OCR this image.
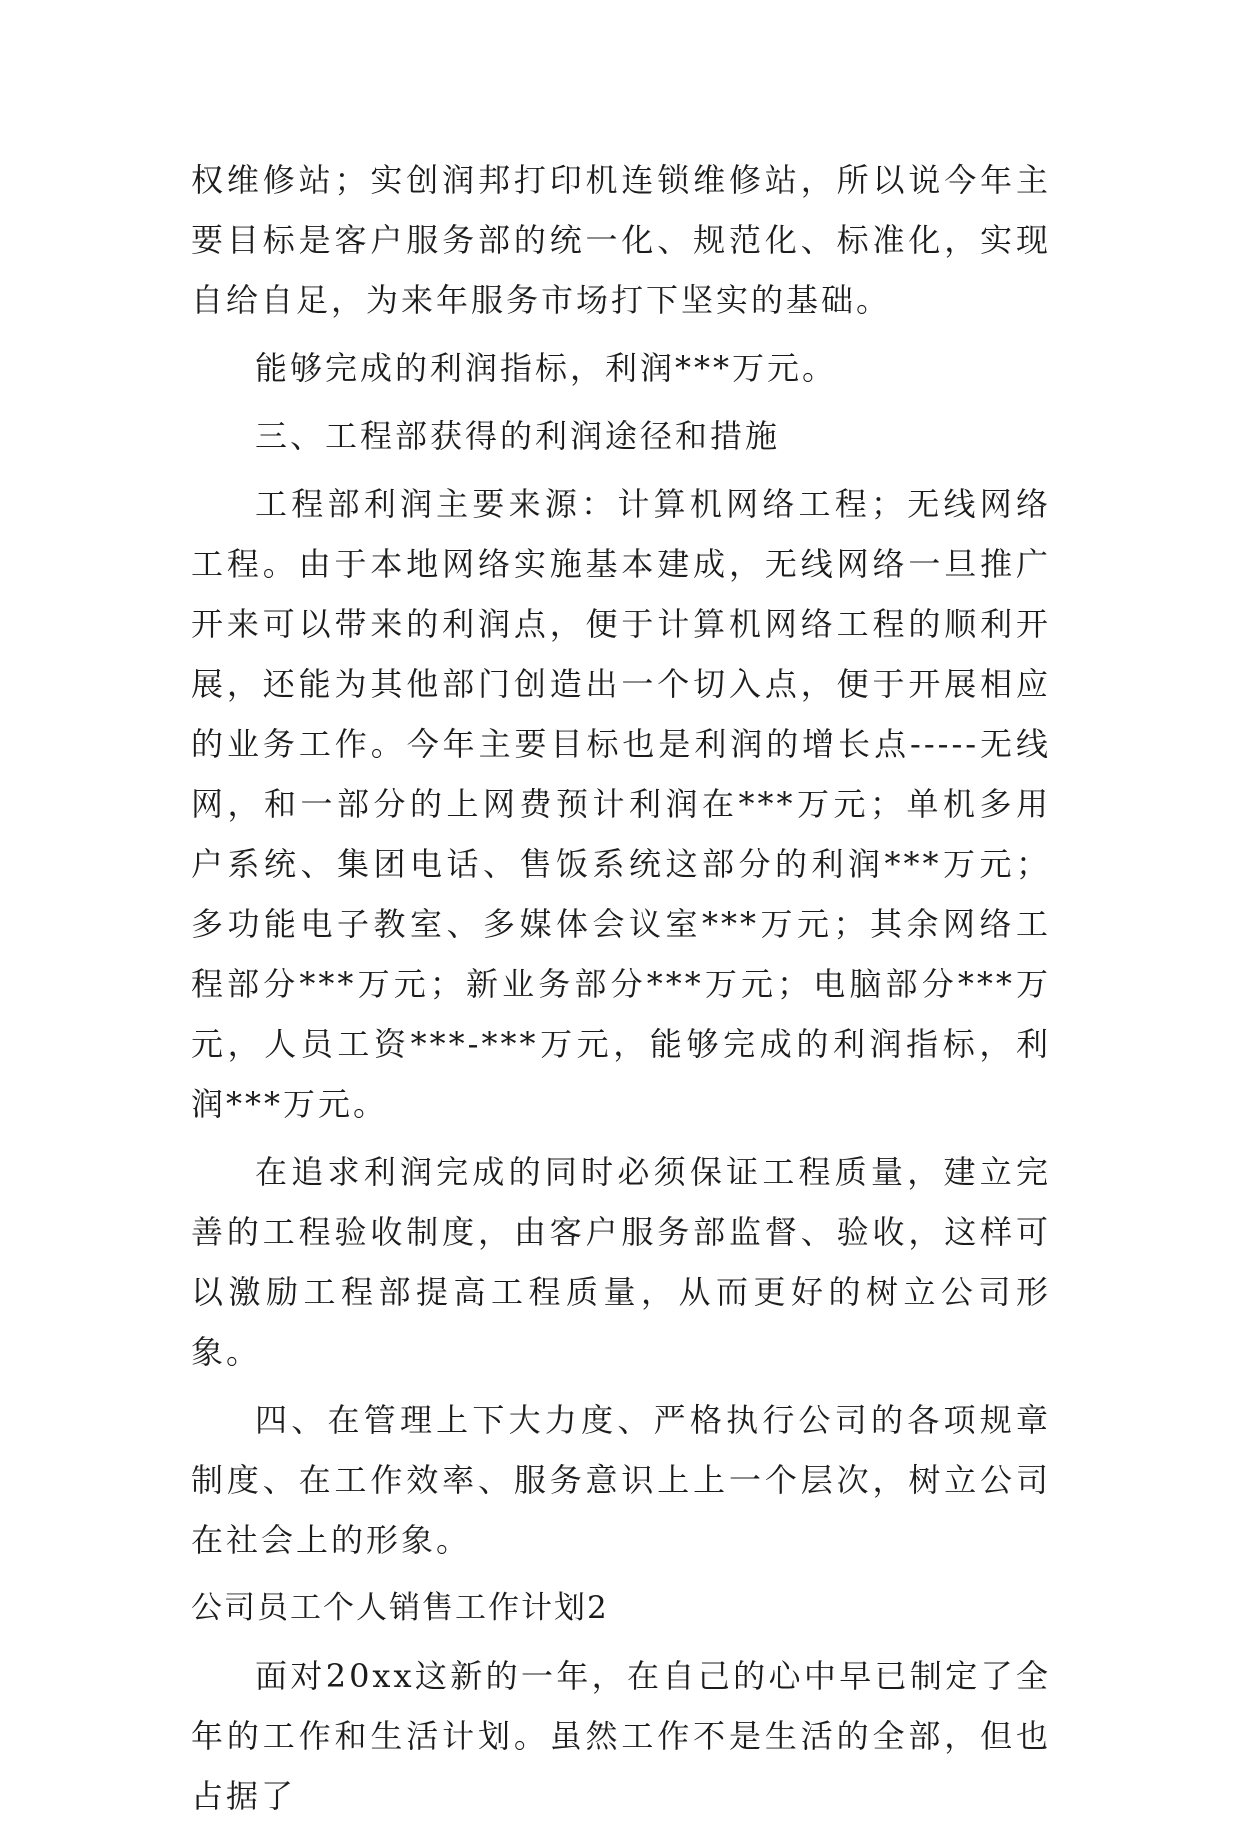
权维修站；实创润邦打印机连锁维修站，所以说今年主要目标是客户服务部的统一化、规范化、标准化，实现自给自足，为来年服务市场打下坚实的基础。

能够完成的利润指标，利润***万元。

三、工程部获得的利润途径和措施

工程部利润主要来源：计算机网络工程；无线网络工程。由于本地网络实施基本建成，无线网络一旦推广开来可以带来的利润点，便于计算机网络工程的顺利开展，还能为其他部门创造出一个切入点，便于开展相应的业务工作。今年主要目标也是利润的增长点-----无线网，和一部分的上网费预计利润在***万元；单机多用户系统、集团电话、售饭系统这部分的利润***万元；多功能电子教室、多媒体会议室***万元；其余网络工程部分***万元；新业务部分***万元；电脑部分***万元，人员工资***-***万元，能够完成的利润指标，利润***万元。

在追求利润完成的同时必须保证工程质量，建立完善的工程验收制度，由客户服务部监督、验收，这样可以激励工程部提高工程质量，从而更好的树立公司形象。

四、在管理上下大力度、严格执行公司的各项规章制度、在工作效率、服务意识上上一个层次，树立公司在社会上的形象。

公司员工个人销售工作计划2

面对20xx这新的一年，在自己的心中早已制定了全年的工作和生活计划。虽然工作不是生活的全部，但也占据了
